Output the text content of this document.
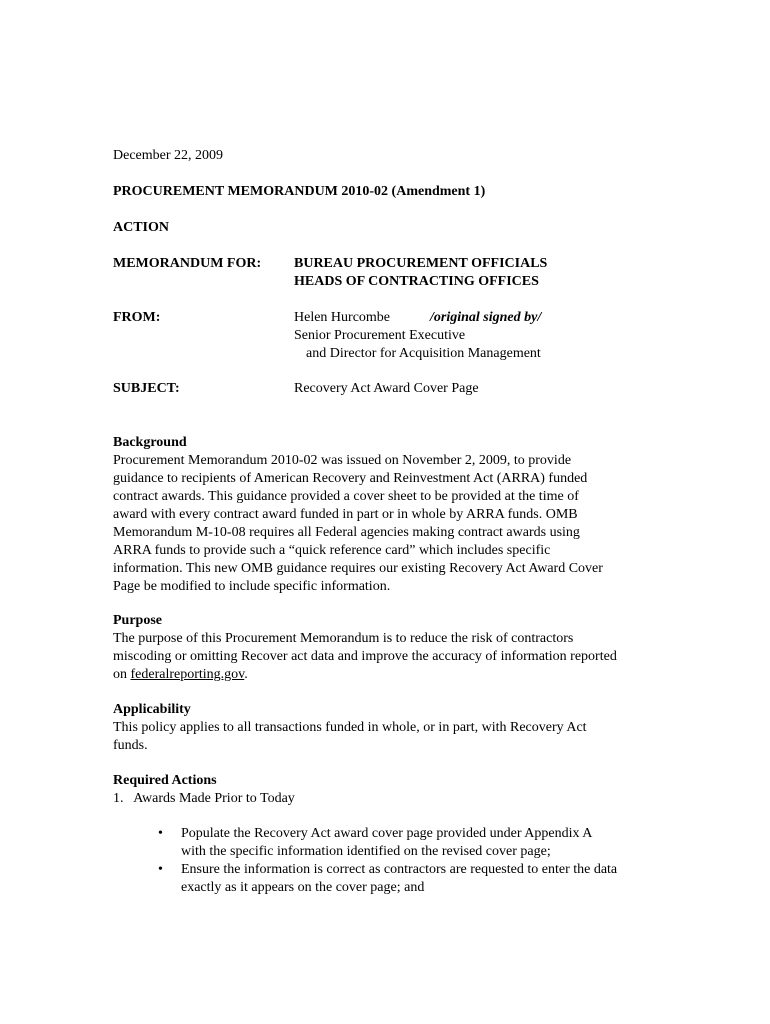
December 22, 2009
PROCUREMENT MEMORANDUM 2010-02 (Amendment 1)
ACTION
MEMORANDUM FOR: BUREAU PROCUREMENT OFFICIALS
HEADS OF CONTRACTING OFFICES
FROM:	Helen Hurcombe	/original signed by/
Senior Procurement Executive
and Director for Acquisition Management
SUBJECT:	Recovery Act Award Cover Page
Background
Procurement Memorandum 2010-02 was issued on November 2, 2009, to provide
guidance to recipients of American Recovery and Reinvestment Act (ARRA) funded
contract awards. This guidance provided a cover sheet to be provided at the time of
award with every contract award funded in part or in whole by ARRA funds. OMB
Memorandum M-10-08 requires all Federal agencies making contract awards using
ARRA funds to provide such a “quick reference card” which includes specific
information. This new OMB guidance requires our existing Recovery Act Award Cover
Page be modified to include specific information.
Purpose
The purpose of this Procurement Memorandum is to reduce the risk of contractors
miscoding or omitting Recover act data and improve the accuracy of information reported
on federalreporting.gov.
Applicability
This policy applies to all transactions funded in whole, or in part, with Recovery Act
funds.
Required Actions
1.   Awards Made Prior to Today
• Populate the Recovery Act award cover page provided under Appendix A
with the specific information identified on the revised cover page;
• Ensure the information is correct as contractors are requested to enter the data
exactly as it appears on the cover page; and
